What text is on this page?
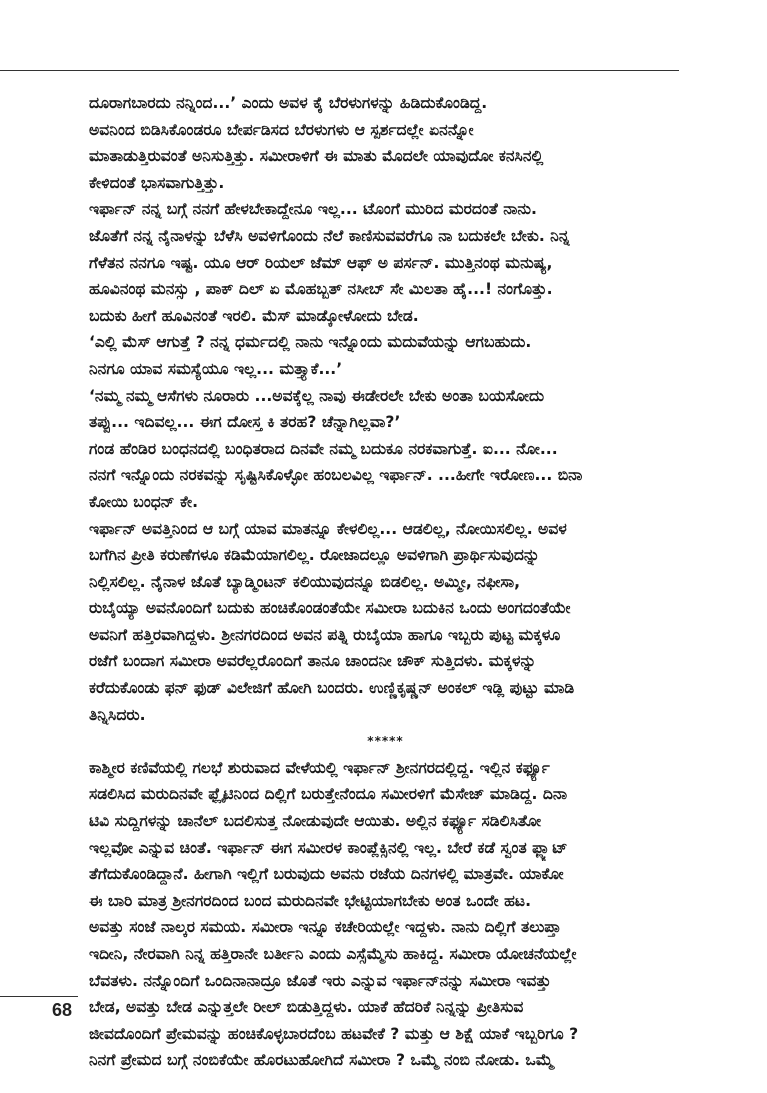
ದೂರಾಗಬಾರದು ನನ್ನಿಂದ...’ ಎಂದು ಅವಳ ಕೈ ಬೆರಳುಗಳನ್ನು ಹಿಡಿದುಕೊಂಡಿದ್ದ.
ಅವನಿಂದ ಬಿಡಿಸಿಕೊಂಡರೂ ಬೇರ್ಪಡಿಸದ ಬೆರಳುಗಳು ಆ ಸ್ಪರ್ಶದಲ್ಲೇ ಏನನ್ನೋ
ಮಾತಾಡುತ್ತಿರುವಂತೆ ಅನಿಸುತ್ತಿತ್ತು. ಸಮೀರಾಳಿಗೆ ಈ ಮಾತು ಮೊದಲೇ ಯಾವುದೋ ಕನಸಿನಲ್ಲಿ
ಕೇಳಿದಂತೆ ಭಾಸವಾಗುತ್ತಿತ್ತು.
ಇರ್ಫಾನ್ ನನ್ನ ಬಗ್ಗೆ ನನಗೆ ಹೇಳಬೇಕಾದ್ದೇನೂ ಇಲ್ಲ... ಟೊಂಗೆ ಮುರಿದ ಮರದಂತೆ ನಾನು.
ಜೊತೆಗೆ ನನ್ನ ನೈನಾಳನ್ನು ಬೆಳೆಸಿ ಅವಳಿಗೊಂದು ನೆಲೆ ಕಾಣಿಸುವವರೆಗೂ ನಾ ಬದುಕಲೇ ಬೇಕು. ನಿನ್ನ
ಗೆಳೆತನ ನನಗೂ ಇಷ್ಟ. ಯೂ ಆರ್ ರಿಯಲ್ ಜೆಮ್ ಆಫ್ ಅ ಪರ್ಸನ್. ಮುತ್ತಿನಂಥ ಮನುಷ್ಯ,
ಹೂವಿನಂಥ ಮನಸ್ಸು , ಪಾಕ್ ದಿಲ್ ಏ ಮೊಹಬ್ಬತ್ ನಸೀಬ್ ಸೇ ಮಿಲತಾ ಹೈ...! ನಂಗೊತ್ತು.
ಬದುಕು ಹೀಗೆ ಹೂವಿನಂತೆ ಇರಲಿ. ಮೆಸ್ ಮಾಡ್ಕೋಳೋದು ಬೇಡ.
‘ಎಲ್ಲಿ ಮೆಸ್ ಆಗುತ್ತೆ ? ನನ್ನ ಧರ್ಮದಲ್ಲಿ ನಾನು ಇನ್ನೊಂದು ಮದುವೆಯನ್ನು ಆಗಬಹುದು.
ನಿನಗೂ ಯಾವ ಸಮಸ್ಯೆಯೂ ಇಲ್ಲ... ಮತ್ತ್ಯಾಕೆ...’
‘ನಮ್ಮ ನಮ್ಮ ಆಸೆಗಳು ನೂರಾರು ...ಅವಕ್ಕೆಲ್ಲ ನಾವು ಈಡೇರಲೇ ಬೇಕು ಅಂತಾ ಬಯಸೋದು
ತಪ್ಪು... ಇದಿವಲ್ಲ... ಈಗ ದೋಸ್ತ ಕಿ ತರಹ? ಚೆನ್ನಾಗಿಲ್ಲವಾ?’
ಗಂಡ ಹೆಂಡಿರ ಬಂಧನದಲ್ಲಿ ಬಂಧಿತರಾದ ದಿನವೇ ನಮ್ಮ ಬದುಕೂ ನರಕವಾಗುತ್ತೆ. ಐ... ನೋ...
ನನಗೆ ಇನ್ನೊಂದು ನರಕವನ್ನು ಸೃಷ್ಟಿಸಿಕೊಳ್ಳೋ ಹಂಬಲವಿಲ್ಲ ಇರ್ಫಾನ್. ...ಹೀಗೇ ಇರೋಣ... ಬಿನಾ
ಕೋಯಿ ಬಂಧನ್ ಕೇ.
ಇರ್ಫಾನ್ ಅವತ್ತಿನಿಂದ ಆ ಬಗ್ಗೆ ಯಾವ ಮಾತನ್ನೂ ಕೇಳಲಿಲ್ಲ... ಆಡಲಿಲ್ಲ, ನೋಯಿಸಲಿಲ್ಲ. ಅವಳ
ಬಗೆಗಿನ ಪ್ರೀತಿ ಕರುಣೆಗಳೂ ಕಡಿಮೆಯಾಗಲಿಲ್ಲ. ರೋಜಾದಲ್ಲೂ ಅವಳಿಗಾಗಿ ಪ್ರಾರ್ಥಿಸುವುದನ್ನು
ನಿಲ್ಲಿಸಲಿಲ್ಲ. ನೈನಾಳ ಜೊತೆ ಬ್ಯಾಡ್ಮಿಂಟನ್ ಕಲಿಯುವುದನ್ನೂ ಬಿಡಲಿಲ್ಲ. ಅಮ್ಮೀ, ನಫೀಸಾ,
ರುಬೈಯ್ಯಾ ಅವನೊಂದಿಗೆ ಬದುಕು ಹಂಚಿಕೊಂಡಂತೆಯೇ ಸಮೀರಾ ಬದುಕಿನ ಒಂದು ಅಂಗದಂತೆಯೇ
ಅವನಿಗೆ ಹತ್ತಿರವಾಗಿದ್ದಳು. ಶ್ರೀನಗರದಿಂದ ಅವನ ಪತ್ನಿ ರುಬೈಯಾ ಹಾಗೂ ಇಬ್ಬರು ಪುಟ್ಟ ಮಕ್ಕಳೂ
ರಜೆಗೆ ಬಂದಾಗ ಸಮೀರಾ ಅವರೆಲ್ಲರೊಂದಿಗೆ ತಾನೂ ಚಾಂದನೀ ಚೌಕ್ ಸುತ್ತಿದಳು. ಮಕ್ಕಳನ್ನು
ಕರೆದುಕೊಂಡು ಫನ್ ಫುಡ್ ವಿಲೇಜಿಗೆ ಹೋಗಿ ಬಂದರು. ಉಣ್ಣಿಕೃಷ್ಣನ್ ಅಂಕಲ್ ಇಡ್ಲಿ ಪುಟ್ಟು ಮಾಡಿ
ತಿನ್ನಿಸಿದರು.
*****
ಕಾಶ್ಮೀರ ಕಣಿವೆಯಲ್ಲಿ ಗಲಭೆ ಶುರುವಾದ ವೇಳೆಯಲ್ಲಿ ಇರ್ಫಾನ್ ಶ್ರೀನಗರದಲ್ಲಿದ್ದ. ಇಲ್ಲಿನ ಕರ್ಫ್ಯೂ
ಸಡಲಿಸಿದ ಮರುದಿನವೇ ಫ್ಲೈಟಿನಿಂದ ದಿಲ್ಲಿಗೆ ಬರುತ್ತೇನೆಂದೂ ಸಮೀರಳಿಗೆ ಮೆಸೇಜ್ ಮಾಡಿದ್ದ. ದಿನಾ
ಟಿವಿ ಸುದ್ದಿಗಳನ್ನು ಚಾನೆಲ್ ಬದಲಿಸುತ್ತ ನೋಡುವುದೇ ಆಯಿತು. ಅಲ್ಲಿನ ಕರ್ಫ್ಯೂ ಸಡಿಲಿಸಿತೋ
ಇಲ್ಲವೋ ಎನ್ನುವ ಚಿಂತೆ. ಇರ್ಫಾನ್ ಈಗ ಸಮೀರಳ ಕಾಂಪ್ಲೆಕ್ಸಿನಲ್ಲಿ ಇಲ್ಲ. ಬೇರೆ ಕಡೆ ಸ್ವಂತ ಫ್ಲ್ಯಾಟ್
ತೆಗೆದುಕೊಂಡಿದ್ದಾನೆ. ಹೀಗಾಗಿ ಇಲ್ಲಿಗೆ ಬರುವುದು ಅವನು ರಜೆಯ ದಿನಗಳಲ್ಲಿ ಮಾತ್ರವೇ. ಯಾಕೋ
ಈ ಬಾರಿ ಮಾತ್ರ ಶ್ರೀನಗರದಿಂದ ಬಂದ ಮರುದಿನವೇ ಭೇಟ್ಟಿಯಾಗಬೇಕು ಅಂತ ಒಂದೇ ಹಟ.
ಅವತ್ತು ಸಂಜೆ ನಾಲ್ಕರ ಸಮಯ. ಸಮೀರಾ ಇನ್ನೂ ಕಚೇರಿಯಲ್ಲೇ ಇದ್ದಳು. ನಾನು ದಿಲ್ಲಿಗೆ ತಲುಪ್ತಾ
ಇದೀನಿ, ನೇರವಾಗಿ ನಿನ್ನ ಹತ್ತಿರಾನೇ ಬರ್ತೀನಿ ಎಂದು ಎಸ್ಸೆಮ್ಮೆಸು ಹಾಕಿದ್ದ. ಸಮೀರಾ ಯೋಚನೆಯಲ್ಲೇ
ಬೆವತಳು. ನನ್ನೊಂದಿಗೆ ಒಂದಿನಾನಾದ್ರೂ ಜೊತೆ ಇರು ಎನ್ನುವ ಇರ್ಫಾನ್‌ನನ್ನು ಸಮೀರಾ ಇವತ್ತು
ಬೇಡ, ಅವತ್ತು ಬೇಡ ಎನ್ನುತ್ತಲೇ ರೀಲ್ ಬಿಡುತ್ತಿದ್ದಳು. ಯಾಕೆ ಹೆದರಿಕೆ ನಿನ್ನನ್ನು ಪ್ರೀತಿಸುವ
ಜೀವದೊಂದಿಗೆ ಪ್ರೇಮವನ್ನು ಹಂಚಿಕೊಳ್ಳಬಾರದೆಂಬ ಹಟವೇಕೆ ? ಮತ್ತು ಆ ಶಿಕ್ಷೆ ಯಾಕೆ ಇಬ್ಬರಿಗೂ ?
ನಿನಗೆ ಪ್ರೇಮದ ಬಗ್ಗೆ ನಂಬಿಕೆಯೇ ಹೊರಟುಹೋಗಿದೆ ಸಮೀರಾ ? ಒಮ್ಮೆ ನಂಬಿ ನೋಡು. ಒಮ್ಮೆ
68
